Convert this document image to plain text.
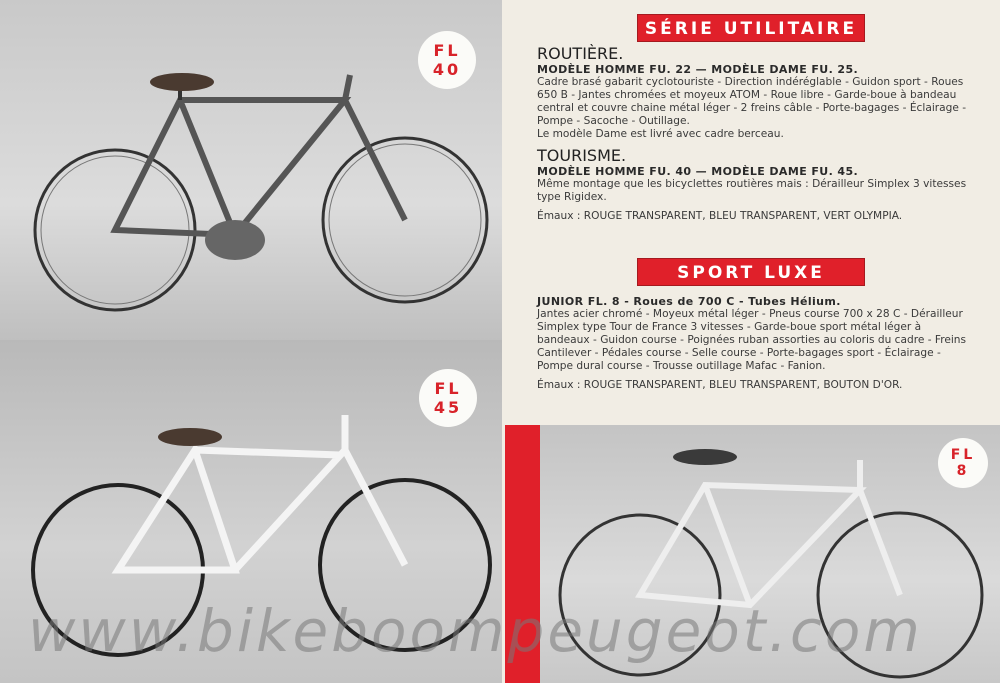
FL
40
FL
45
FL
8
SÉRIE UTILITAIRE
ROUTIÈRE.
MODÈLE HOMME FU. 22 — MODÈLE DAME FU. 25.

Cadre brasé gabarit cyclotouriste - Direction indéréglable - Guidon sport - Roues 650 B - Jantes chromées et moyeux ATOM - Roue libre - Garde-boue à bandeau central et couvre chaine métal léger - 2 freins câble - Porte-bagages - Éclairage - Pompe - Sacoche - Outillage.

Le modèle Dame est livré avec cadre berceau.

TOURISME.
MODÈLE HOMME FU. 40 — MODÈLE DAME FU. 45.

Même montage que les bicyclettes routières mais : Dérailleur Simplex 3 vitesses type Rigidex.

Émaux : ROUGE TRANSPARENT, BLEU TRANSPARENT, VERT OLYMPIA.

SPORT LUXE
JUNIOR FL. 8 - Roues de 700 C - Tubes Hélium.

Jantes acier chromé - Moyeux métal léger - Pneus course 700 x 28 C - Dérailleur Simplex type Tour de France 3 vitesses - Garde-boue sport métal léger à bandeaux - Guidon course - Poignées ruban assorties au coloris du cadre - Freins Cantilever - Pédales course - Selle course - Porte-bagages sport - Éclairage - Pompe dural course - Trousse outillage Mafac - Fanion.

Émaux : ROUGE TRANSPARENT, BLEU TRANSPARENT, BOUTON D'OR.

www.bikeboompeugeot.com
